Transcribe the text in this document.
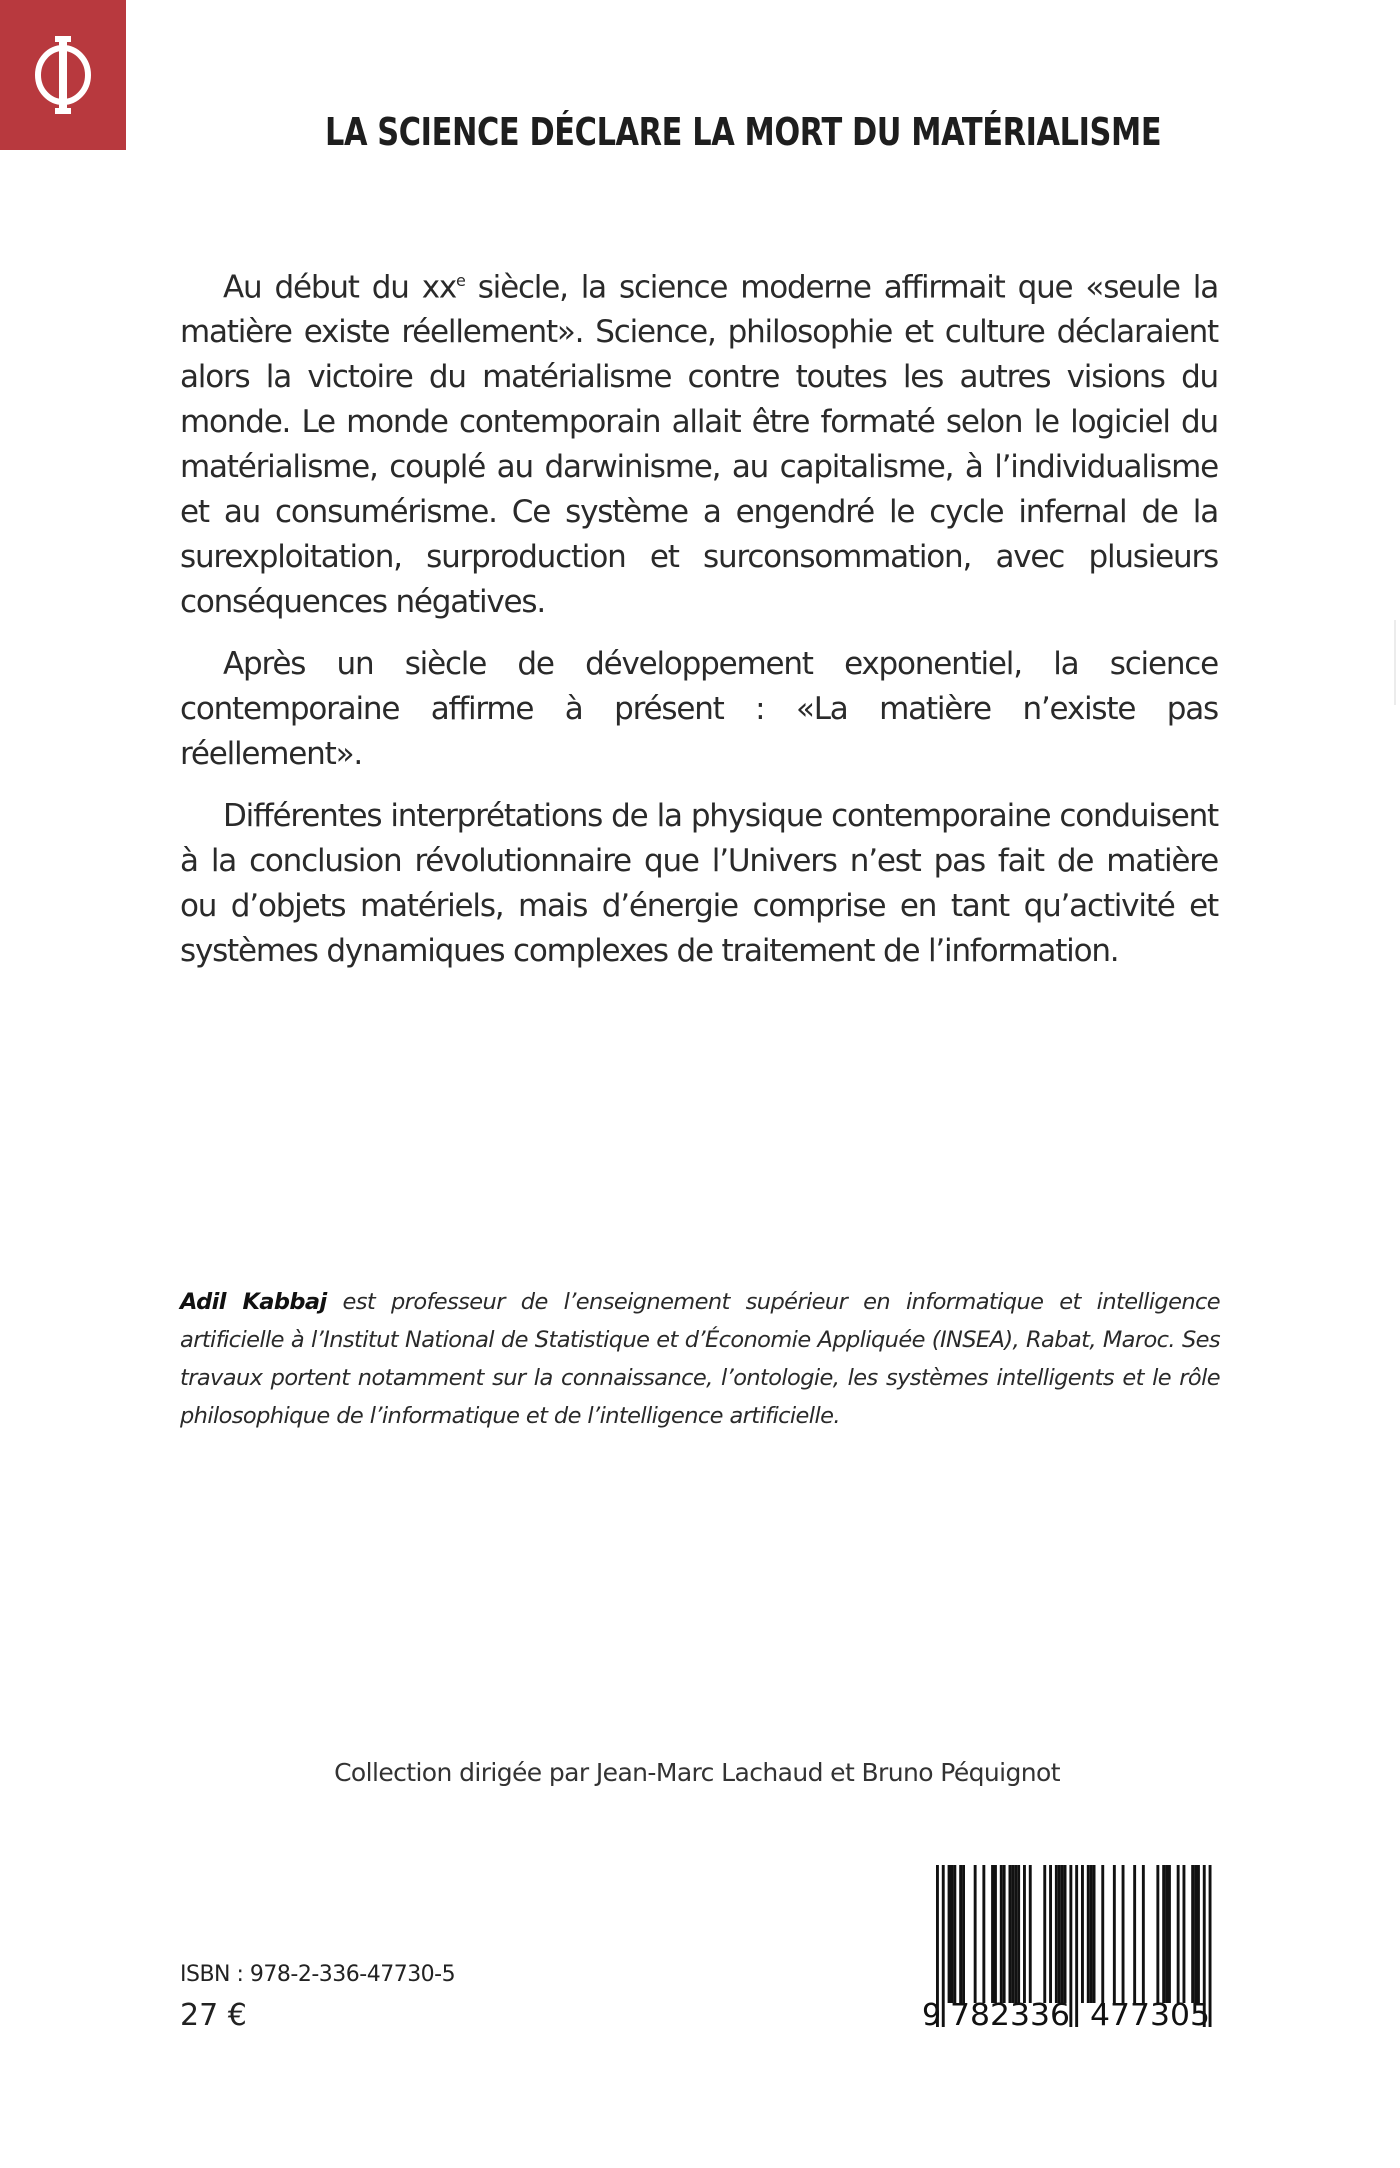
LA SCIENCE DÉCLARE LA MORT DU MATÉRIALISME

Au début du $xx^e$ siècle, la science moderne affirmait que «seule la matière existe réellement». Science, philosophie et culture déclaraient alors la victoire du matérialisme contre toutes les autres visions du monde. Le monde contemporain allait être formaté selon le logiciel du matérialisme, couplé au darwinisme, au capitalisme, à l’individualisme et au consumérisme. Ce système a engendré le cycle infernal de la surexploitation, surproduction et surconsommation, avec plusieurs conséquences négatives.

Après un siècle de développement exponentiel, la science contemporaine affirme à présent : «La matière n’existe pas réellement».

Différentes interprétations de la physique contemporaine conduisent à la conclusion révolutionnaire que l’Univers n’est pas fait de matière ou d’objets matériels, mais d’énergie comprise en tant qu’activité et systèmes dynamiques complexes de traitement de l’information.

Adil Kabbaj est professeur de l’enseignement supérieur en informatique et intelligence artificielle à l’Institut National de Statistique et d’Économie Appliquée (INSEA), Rabat, Maroc. Ses travaux portent notamment sur la connaissance, l’ontologie, les systèmes intelligents et le rôle philosophique de l’informatique et de l’intelligence artificielle.
Collection dirigée par Jean-Marc Lachaud et Bruno Péquignot
ISBN : 978-2-336-47730-5
27 €	9 782336 477305
